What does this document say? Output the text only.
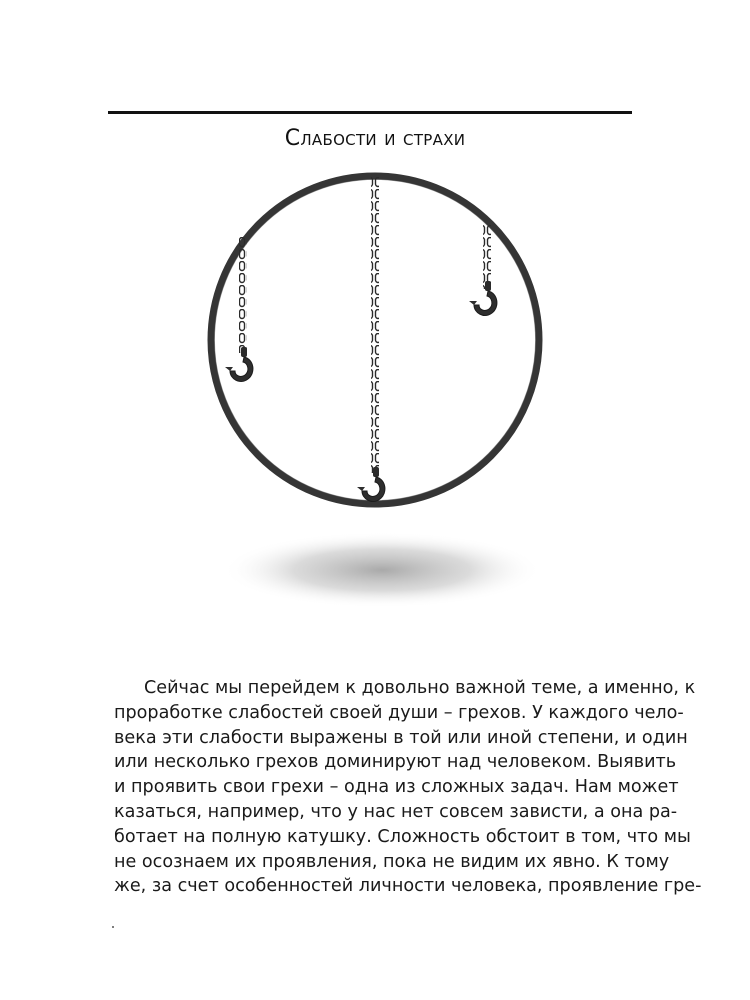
Слабости и страхи
Сейчас мы перейдем к довольно важной теме, а именно, к
проработке слабостей своей души – грехов. У каждого чело-
века эти слабости выражены в той или иной степени, и один
или несколько грехов доминируют над человеком. Выявить
и проявить свои грехи – одна из сложных задач. Нам может
казаться, например, что у нас нет совсем зависти, а она ра-
ботает на полную катушку. Сложность обстоит в том, что мы
не осознаем их проявления, пока не видим их явно. К тому
же, за счет особенностей личности человека, проявление гре-
